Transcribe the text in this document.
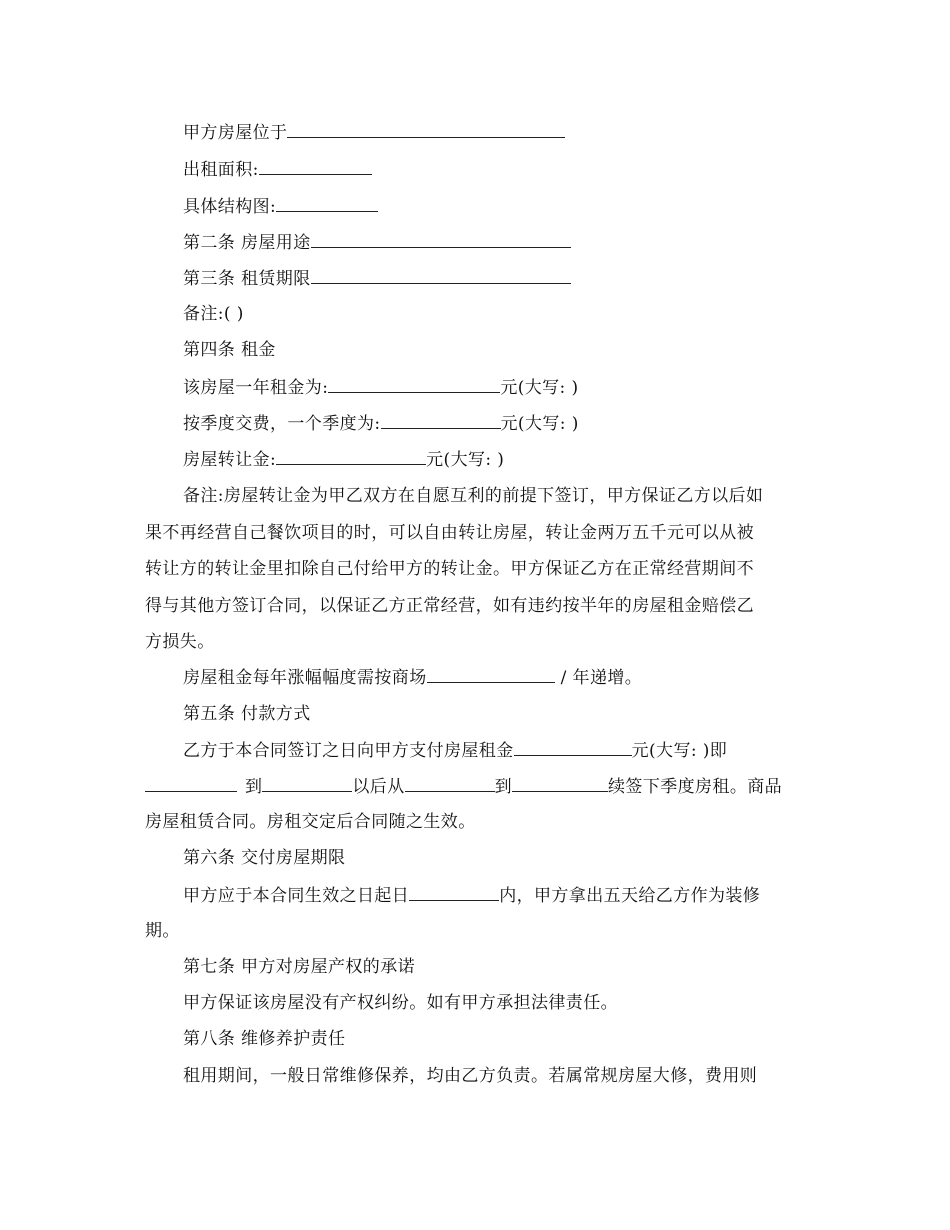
甲方房屋位于
出租面积:
具体结构图:
第二条 房屋用途
第三条 租赁期限
备注:( )
第四条 租金
该房屋一年租金为:	元(大写: )
按季度交费，一个季度为:	元(大写: )
房屋转让金:	元(大写: )
备注:房屋转让金为甲乙双方在自愿互利的前提下签订，甲方保证乙方以后如
果不再经营自己餐饮项目的时，可以自由转让房屋，转让金两万五千元可以从被
转让方的转让金里扣除自己付给甲方的转让金。甲方保证乙方在正常经营期间不
得与其他方签订合同，以保证乙方正常经营，如有违约按半年的房屋租金赔偿乙
方损失。
房屋租金每年涨幅幅度需按商场	/ 年递增。
第五条 付款方式
乙方于本合同签订之日向甲方支付房屋租金	元(大写: )即
到	以后从	到	续签下季度房租。商品
房屋租赁合同。房租交定后合同随之生效。
第六条 交付房屋期限
甲方应于本合同生效之日起日	内，甲方拿出五天给乙方作为装修
期。
第七条 甲方对房屋产权的承诺
甲方保证该房屋没有产权纠纷。如有甲方承担法律责任。
第八条 维修养护责任
租用期间，一般日常维修保养，均由乙方负责。若属常规房屋大修，费用则
